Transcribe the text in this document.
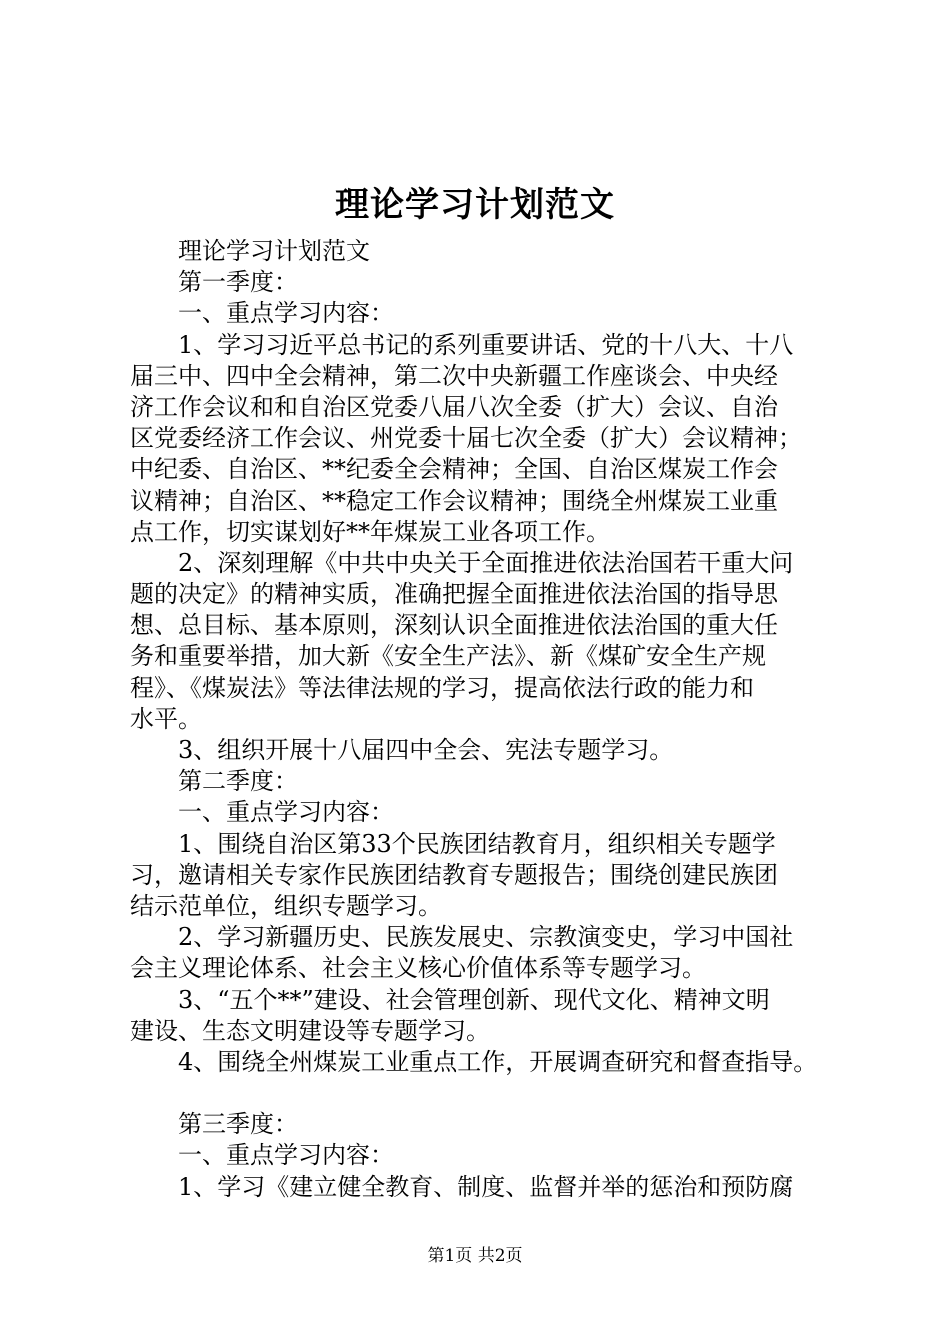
理论学习计划范文
理论学习计划范文
第一季度：
一、重点学习内容：
1、学习习近平总书记的系列重要讲话、党的十八大、十八
届三中、四中全会精神，第二次中央新疆工作座谈会、中央经
济工作会议和和自治区党委八届八次全委（扩大）会议、自治
区党委经济工作会议、州党委十届七次全委（扩大）会议精神；
中纪委、自治区、**纪委全会精神；全国、自治区煤炭工作会
议精神；自治区、**稳定工作会议精神；围绕全州煤炭工业重
点工作，切实谋划好**年煤炭工业各项工作。
2、深刻理解《中共中央关于全面推进依法治国若干重大问
题的决定》的精神实质，准确把握全面推进依法治国的指导思
想、总目标、基本原则，深刻认识全面推进依法治国的重大任
务和重要举措，加大新《安全生产法》、新《煤矿安全生产规
程》、《煤炭法》等法律法规的学习，提高依法行政的能力和
水平。
3、组织开展十八届四中全会、宪法专题学习。
第二季度：
一、重点学习内容：
1、围绕自治区第33个民族团结教育月，组织相关专题学
习，邀请相关专家作民族团结教育专题报告；围绕创建民族团
结示范单位，组织专题学习。
2、学习新疆历史、民族发展史、宗教演变史，学习中国社
会主义理论体系、社会主义核心价值体系等专题学习。
3、“五个**”建设、社会管理创新、现代文化、精神文明
建设、生态文明建设等专题学习。
4、围绕全州煤炭工业重点工作，开展调查研究和督查指导。
第三季度：
一、重点学习内容：
1、学习《建立健全教育、制度、监督并举的惩治和预防腐
第1页 共2页
